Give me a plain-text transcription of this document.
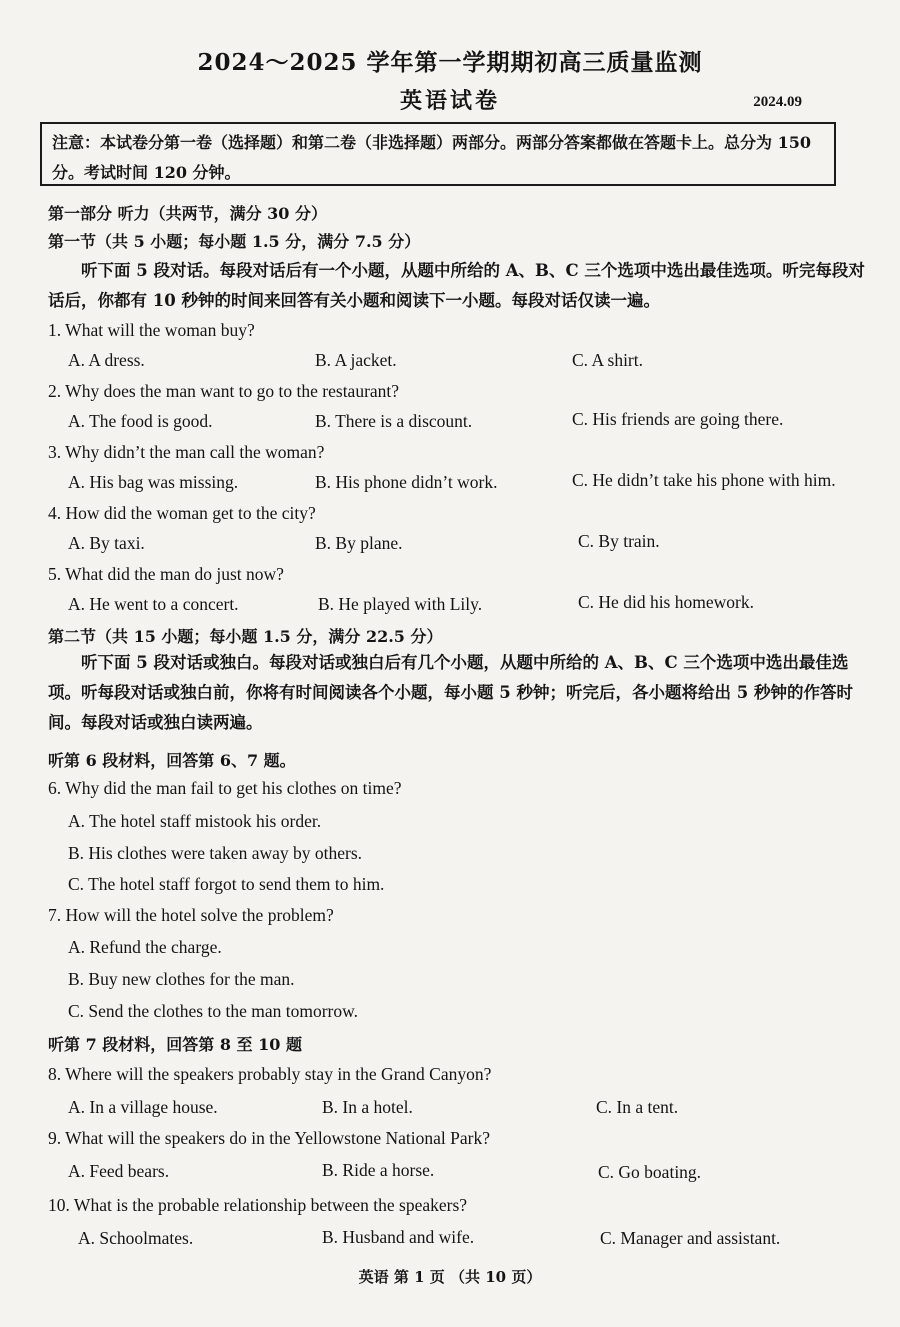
2024～2025 学年第一学期期初高三质量监测
英语试卷	2024.09
注意：本试卷分第一卷（选择题）和第二卷（非选择题）两部分。两部分答案都做在答题卡上。总分为 150 分。考试时间 120 分钟。
第一部分 听力（共两节，满分 30 分）
第一节（共 5 小题；每小题 1.5 分，满分 7.5 分）
听下面 5 段对话。每段对话后有一个小题，从题中所给的 A、B、C 三个选项中选出最佳选项。听完每段对话后，你都有 10 秒钟的时间来回答有关小题和阅读下一小题。每段对话仅读一遍。
1. What will the woman buy?
A. A dress.	B. A jacket.	C. A shirt.
2. Why does the man want to go to the restaurant?
A. The food is good.	B. There is a discount.	C. His friends are going there.
3. Why didn’t the man call the woman?
A. His bag was missing.	B. His phone didn’t work.	C. He didn’t take his phone with him.
4. How did the woman get to the city?
A. By taxi.	B. By plane.	C. By train.
5. What did the man do just now?
A. He went to a concert.	B. He played with Lily.	C. He did his homework.
第二节（共 15 小题；每小题 1.5 分，满分 22.5 分）
听下面 5 段对话或独白。每段对话或独白后有几个小题，从题中所给的 A、B、C 三个选项中选出最佳选项。听每段对话或独白前，你将有时间阅读各个小题，每小题 5 秒钟；听完后，各小题将给出 5 秒钟的作答时间。每段对话或独白读两遍。
听第 6 段材料，回答第 6、7 题。
6. Why did the man fail to get his clothes on time?
A. The hotel staff mistook his order.
B. His clothes were taken away by others.
C. The hotel staff forgot to send them to him.
7. How will the hotel solve the problem?
A. Refund the charge.
B. Buy new clothes for the man.
C. Send the clothes to the man tomorrow.
听第 7 段材料，回答第 8 至 10 题
8. Where will the speakers probably stay in the Grand Canyon?
A. In a village house.	B. In a hotel.	C. In a tent.
9. What will the speakers do in the Yellowstone National Park?
A. Feed bears.	B. Ride a horse.	C. Go boating.
10. What is the probable relationship between the speakers?
A. Schoolmates.	B. Husband and wife.	C. Manager and assistant.
英语 第 1 页 （共 10 页）
